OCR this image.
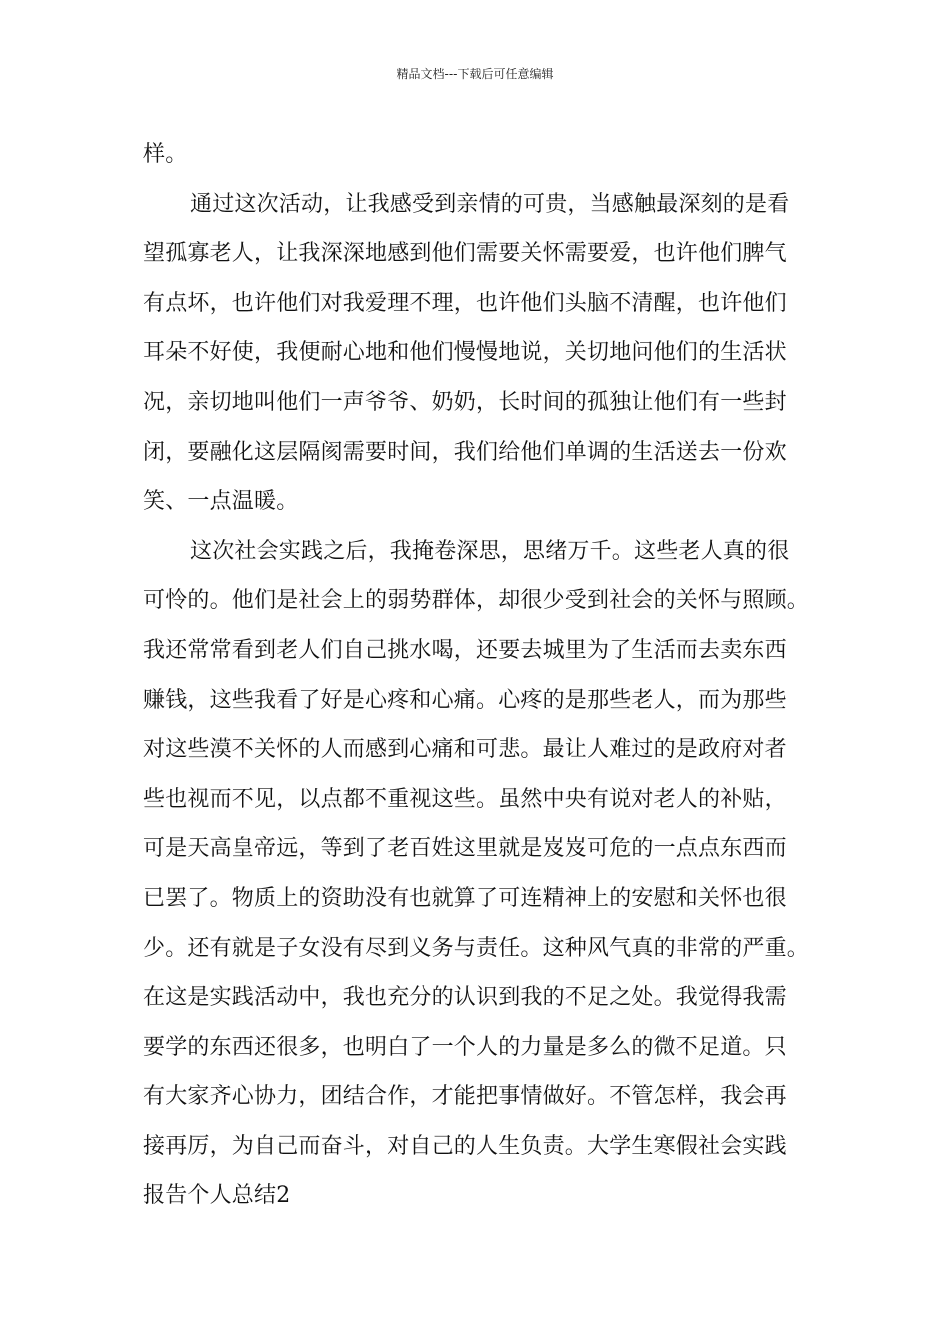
精品文档---下载后可任意编辑
样。
通过这次活动，让我感受到亲情的可贵，当感触最深刻的是看
望孤寡老人，让我深深地感到他们需要关怀需要爱，也许他们脾气
有点坏，也许他们对我爱理不理，也许他们头脑不清醒，也许他们
耳朵不好使，我便耐心地和他们慢慢地说，关切地问他们的生活状
况，亲切地叫他们一声爷爷、奶奶，长时间的孤独让他们有一些封
闭，要融化这层隔阂需要时间，我们给他们单调的生活送去一份欢
笑、一点温暖。
这次社会实践之后，我掩卷深思，思绪万千。这些老人真的很
可怜的。他们是社会上的弱势群体，却很少受到社会的关怀与照顾。
我还常常看到老人们自己挑水喝，还要去城里为了生活而去卖东西
赚钱，这些我看了好是心疼和心痛。心疼的是那些老人，而为那些
对这些漠不关怀的人而感到心痛和可悲。最让人难过的是政府对者
些也视而不见，以点都不重视这些。虽然中央有说对老人的补贴，
可是天高皇帝远，等到了老百姓这里就是岌岌可危的一点点东西而
已罢了。物质上的资助没有也就算了可连精神上的安慰和关怀也很
少。还有就是子女没有尽到义务与责任。这种风气真的非常的严重。
在这是实践活动中，我也充分的认识到我的不足之处。我觉得我需
要学的东西还很多，也明白了一个人的力量是多么的微不足道。只
有大家齐心协力，团结合作，才能把事情做好。不管怎样，我会再
接再厉，为自己而奋斗，对自己的人生负责。大学生寒假社会实践
报告个人总结2
